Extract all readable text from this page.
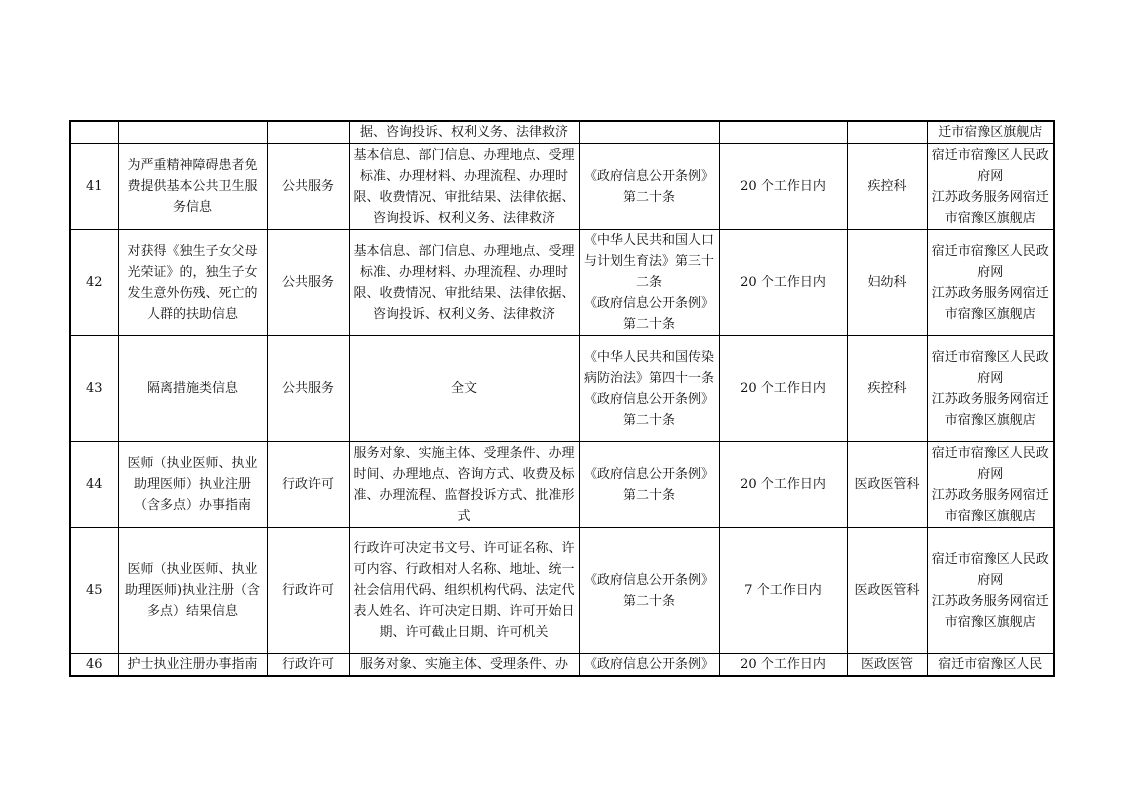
			据、咨询投诉、权利义务、法律救济				迁市宿豫区旗舰店
41	为严重精神障碍患者免费提供基本公共卫生服务信息	公共服务	基本信息、部门信息、办理地点、受理标准、办理材料、办理流程、办理时限、收费情况、审批结果、法律依据、咨询投诉、权利义务、法律救济	《政府信息公开条例》第二十条	20 个工作日内	疾控科	宿迁市宿豫区人民政府网
江苏政务服务网宿迁市宿豫区旗舰店
42	对获得《独生子女父母光荣证》的，独生子女发生意外伤残、死亡的人群的扶助信息	公共服务	基本信息、部门信息、办理地点、受理标准、办理材料、办理流程、办理时限、收费情况、审批结果、法律依据、咨询投诉、权利义务、法律救济	《中华人民共和国人口与计划生育法》第三十二条
《政府信息公开条例》第二十条	20 个工作日内	妇幼科	宿迁市宿豫区人民政府网
江苏政务服务网宿迁市宿豫区旗舰店
43	隔离措施类信息	公共服务	全文	《中华人民共和国传染病防治法》第四十一条
《政府信息公开条例》第二十条	20 个工作日内	疾控科	宿迁市宿豫区人民政府网
江苏政务服务网宿迁市宿豫区旗舰店
44	医师（执业医师、执业助理医师）执业注册（含多点）办事指南	行政许可	服务对象、实施主体、受理条件、办理时间、办理地点、咨询方式、收费及标准、办理流程、监督投诉方式、批准形式	《政府信息公开条例》第二十条	20 个工作日内	医政医管科	宿迁市宿豫区人民政府网
江苏政务服务网宿迁市宿豫区旗舰店
45	医师（执业医师、执业助理医师)执业注册（含多点）结果信息	行政许可	行政许可决定书文号、许可证名称、许可内容、行政相对人名称、地址、统一社会信用代码、组织机构代码、法定代表人姓名、许可决定日期、许可开始日期、许可截止日期、许可机关	《政府信息公开条例》第二十条	7 个工作日内	医政医管科	宿迁市宿豫区人民政府网
江苏政务服务网宿迁市宿豫区旗舰店
46	护士执业注册办事指南	行政许可	服务对象、实施主体、受理条件、办	《政府信息公开条例》	20 个工作日内	医政医管	宿迁市宿豫区人民
